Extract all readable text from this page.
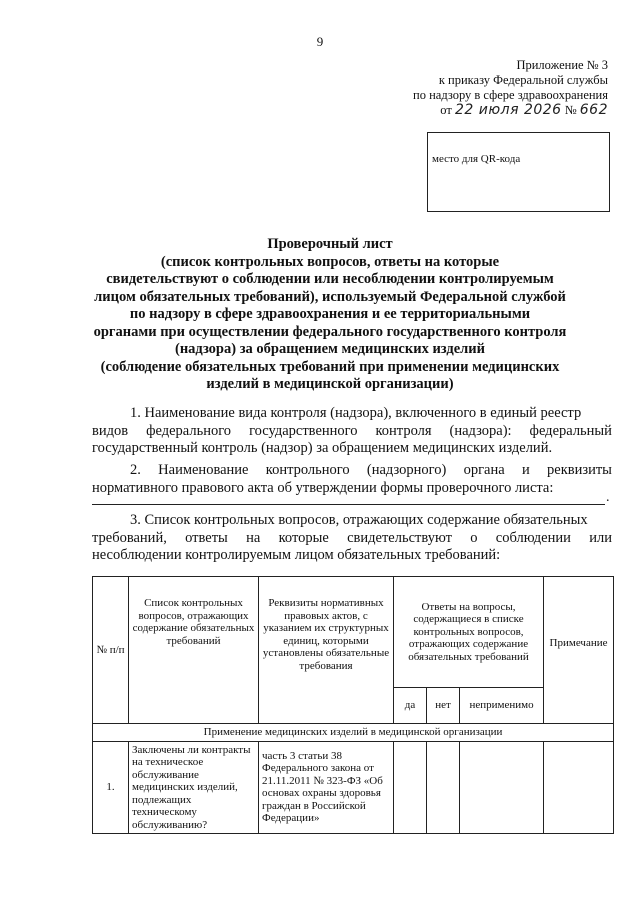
9
Приложение № 3
к приказу Федеральной службы
по надзору в сфере здравоохранения
от 22 июля 2026 № 662
место для QR-кода
Проверочный лист
(список контрольных вопросов, ответы на которые
свидетельствуют о соблюдении или несоблюдении контролируемым
лицом обязательных требований), используемый Федеральной службой
по надзору в сфере здравоохранения и ее территориальными
органами при осуществлении федерального государственного контроля
(надзора) за обращением медицинских изделий
(соблюдение обязательных требований при применении медицинских
изделий в медицинской организации)
1. Наименование вида контроля (надзора), включенного в единый реестр
видов федерального государственного контроля (надзора): федеральный
государственный контроль (надзор) за обращением медицинских изделий.
2. Наименование контрольного (надзорного) органа и реквизиты
нормативного правового акта об утверждении формы проверочного листа:
.
3. Список контрольных вопросов, отражающих содержание обязательных
требований, ответы на которые свидетельствуют о соблюдении или
несоблюдении контролируемым лицом обязательных требований:
№ п/п	Список контрольных вопросов, отражающих содержание обязательных требований	Реквизиты нормативных правовых актов, с указанием их структурных единиц, которыми установлены обязательные требования	Ответы на вопросы, содержащиеся в списке контрольных вопросов, отражающих содержание обязательных требований			Примечание
			да	нет	неприменимо	
Применение медицинских изделий в медицинской организации						
1.	Заключены ли контракты на техническое обслуживание медицинских изделий, подлежащих техническому обслуживанию?	часть 3 статьи 38 Федерального закона от 21.11.2011 № 323-ФЗ «Об основах охраны здоровья граждан в Российской Федерации»				
